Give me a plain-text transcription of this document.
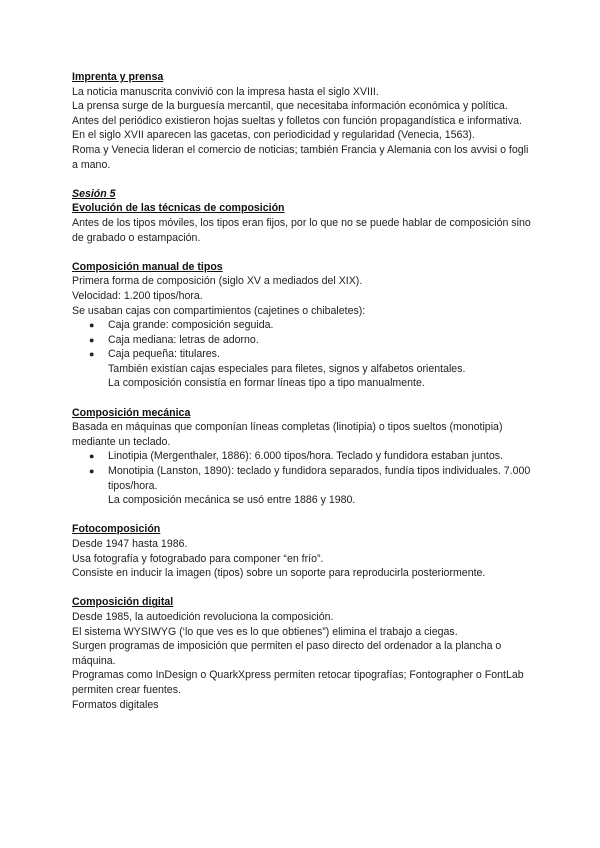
Imprenta y prensa

La noticia manuscrita convivió con la impresa hasta el siglo XVIII.

La prensa surge de la burguesía mercantil, que necesitaba información económica y política.

Antes del periódico existieron hojas sueltas y folletos con función propagandística e informativa.

En el siglo XVII aparecen las gacetas, con periodicidad y regularidad (Venecia, 1563).

Roma y Venecia lideran el comercio de noticias; también Francia y Alemania con los avvisi o fogli a mano.

Sesión 5
Evolución de las técnicas de composición

Antes de los tipos móviles, los tipos eran fijos, por lo que no se puede hablar de composición sino de grabado o estampación.

Composición manual de tipos

Primera forma de composición (siglo XV a mediados del XIX).

Velocidad: 1.200 tipos/hora.

Se usaban cajas con compartimientos (cajetines o chibaletes):

● Caja grande: composición seguida.
● Caja mediana: letras de adorno.
● Caja pequeña: titulares.

También existían cajas especiales para filetes, signos y alfabetos orientales.

La composición consistía en formar líneas tipo a tipo manualmente.

Composición mecánica

Basada en máquinas que componían líneas completas (linotipia) o tipos sueltos (monotipia) mediante un teclado.

● Linotipia (Mergenthaler, 1886): 6.000 tipos/hora. Teclado y fundidora estaban juntos.
● Monotipia (Lanston, 1890): teclado y fundidora separados, fundía tipos individuales. 7.000 tipos/hora.

La composición mecánica se usó entre 1886 y 1980.

Fotocomposición

Desde 1947 hasta 1986.

Usa fotografía y fotograbado para componer “en frío”.

Consiste en inducir la imagen (tipos) sobre un soporte para reproducirla posteriormente.

Composición digital

Desde 1985, la autoedición revoluciona la composición.

El sistema WYSIWYG (‘lo que ves es lo que obtienes”) elimina el trabajo a ciegas.

Surgen programas de imposición que permiten el paso directo del ordenador a la plancha o máquina.

Programas como InDesign o QuarkXpress permiten retocar tipografías; Fontographer o FontLab permiten crear fuentes.

Formatos digitales
